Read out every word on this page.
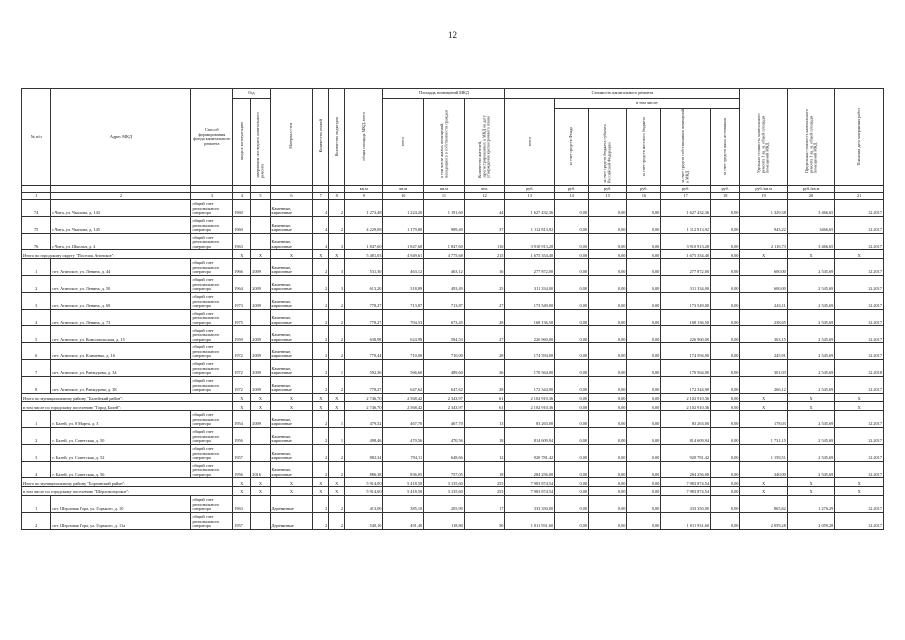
12
№ п/п	Адрес МКД	Способ формирования фонда капитального ремонта	Год		Материал стен	Количество этажей	Количество подъездов	общая площадь МКД, всего	Площадь помещений МКД			Стоимость капитального ремонта						Удельная стоимость капитального ремонта 1 кв. м. общей площади помещений МКД	Предельная стоимость капитального ремонта 1 кв. м. общей площади помещений МКД	Плановая дата завершения работ
			ввода в эксплуатацию	завершения последнего капитального ремонта					всего	в том числе жилых помещений, находящихся в собственности граждан	Количество жителей, зарегистрированных в МКД на дату утверждения краткосрочного плана	всего	в том числе:							
													за счет средств Фонда	за счет средств бюджета субъекта Российской Федерации	за счет средств местного бюджета	за счет средств собственников помещений в МКД	за счет средств иных источников			
								кв.м	кв.м	кв.м	чел.	руб.	руб.	руб.	руб.	руб.	руб.	руб./кв.м	руб./кв.м	
1	2	3	4	5	6	7	8	9	10	11	12	13	14	15	16	17	18	19	20	21
74	г.Чита, ул. Чкалова, д. 143	общий счет регионального оператора	1960		Каменные, кирпичные	4	2	1 273,48	1 224,20	1 191,60	44	1 627 432,36	0,00	0,00	0,00	1 627 432,36	0,00	1 329,38	3 466,65	12.2017
75	г.Чита, ул. Чкалова, д. 145	общий счет регионального оператора	1960		Каменные, кирпичные	4	2	4 229,08	1 179,80	989,40	37	1 112 813,92	0,00	0,00	0,00	1 112 813,92	0,00	943,22	3466,65	12.2017
76	г.Чита, ул. Школьн, д. 4	общий счет регионального оператора	1963		Каменные, кирпичные	4	3	1 847,60	1 847,60	1 847,60	116	3 910 913,28	0,00	0,00	0,00	3 910 913,28	0,00	2 116,73	3 466,65	12.2017
Итого по городскому округу "Поселок Агинское":			Х	Х	Х	Х	Х	5 481,03	4 949,61	4 775,68	215	1 675 354,40	0,00	0,00	0,00	1 675 354,40	0,00	Х	Х	Х
1	пгт. Агинское, ул. Ленина, д. 44	общий счет регионального оператора	1966	2009	Каменные, кирпичные	2	3	531,30	463,12	463,12	16	277 872,00	0,00	0,00	0,00	277 872,00	0,00	600,00	2 545,69	12.2017
2	пгт. Агинское, ул. Ленина, д. 50	общий счет регионального оператора	1964	2009	Каменные, кирпичные	2	3	613,20	518,89	493,49	25	311 334,00	0,00	0,00	0,00	311 334,00	0,00	600,00	2 545,69	12.2017
3	пгт. Агинское, ул. Ленина, д. 69	общий счет регионального оператора	1973	2009	Каменные, кирпичные	2	2	778,27	713,87	713,87	27	173 549,00	0,00	0,00	0,00	173 549,00	0,00	243,11	2 545,69	12.2017
4	пгт. Агинское, ул. Ленина, д. 73	общий счет регионального оператора	1975		Каменные, кирпичные	2	2	778,27	704,53	673,45	28	168 136,50	0,00	0,00	0,00	168 136,50	0,00	238,65	2 545,69	12.2017
5	пгт. Агинское, ул. Комсомольская, д. 15	общий счет регионального оператора	1959	2009	Каменные, кирпичные	2	2	638,98	624,98	584,53	27	226 960,00	0,00	0,00	0,00	226 960,00	0,00	363,15	2 545,69	12.2017
6	пгт. Агинское, ул. Клименко, д. 16	общий счет регионального оператора	1972	2009	Каменные, кирпичные	2	2	770,44	710,00	710,00	28	174 594,00	0,00	0,00	0,00	174 594,00	0,00	245,91	2 545,69	12.2017
7	пгт. Агинское, ул. Ранжурова, д. 34	общий счет регионального оператора	1972	2009	Каменные, кирпичные	2	1	592,30	566,60	489,60	36	170 564,00	0,00	0,00	0,00	170 564,00	0,00	301,03	2 545,69	12.2018
8	пгт. Агинское, ул. Ранжурова, д. 38	общий счет регионального оператора	1972	2009	Каменные, кирпичные	2	2	778,27	647,62	647,62	28	172 344,90	0,00	0,00	0,00	172 344,90	0,00	266,12	2 545,69	12.2017
Итого по муниципальному району "Балейский район":			Х	Х	Х	Х	Х	2 746,70	2 568,42	2 343,97	61	2 102 910,36	0,00	0,00	0,00	2 102 910,36	0,00	Х	Х	Х
в том числе по городскому поселению "Город Балей":			Х	Х	Х	Х	Х	2 746,70	2 568,42	2 343,97	61	2 102 910,36	0,00	0,00	0,00	2 102 910,36	0,00	Х	Х	Х
1	г. Балей, ул. 8 Марта, д. 3	общий счет регионального оператора	1954	2009	Каменные, кирпичные	2	1	479,52	467,70	467,70	13	83 263,00	0,00	0,00	0,00	83 263,00	0,00	178,03	2 545,69	12.2017
2	г. Балей, ул. Советская, д. 50	общий счет регионального оператора	1956		Каменные, кирпичные	2	1	498,46	470,56	470,56	18	814 609,94	0,00	0,00	0,00	814 609,94	0,00	1 731,15	2 545,69	12.2017
3	г. Балей, ул. Советская, д. 52	общий счет регионального оператора	1957		Каменные, кирпичные	2	2	882,34	794,11	648,66	12	920 781,42	0,00	0,00	0,00	920 781,42	0,00	1 159,51	2 545,69	12.2017
4	г. Балей, ул. Советская, д. 56	общий счет регионального оператора	1956	2016	Каменные, кирпичные	2	2	886,38	836,05	757,05	18	284 256,00	0,00	0,00	0,00	284 256,00	0,00	340,00	2 545,69	12.2017
Итого по муниципальному району "Борзинский район":			Х	Х	Х	Х	Х	5 914,00	5 418,50	3 135,60	255	7 983 874,54	0,00	0,00	0,00	7 983 874,54	0,00	Х	Х	Х
в том числе по городскому поселению "Шерловогорское":			Х	Х	Х	Х	Х	5 914,00	5 418,50	3 135,60	255	7 983 874,54	0,00	0,00	0,00	7 983 874,54	0,00	Х	Х	Х
1	пгт. Шерловая Гора, ул. Горького, д. 10	общий счет регионального оператора	1963		Деревянные	2	2	413,00	385,10	205,90	17	333 350,00	0,00	0,00	0,00	333 350,00	0,00	865,62	1 276,29	12.2017
2	пгт. Шерловая Гора, ул. Горького, д. 11а	общий счет регионального оператора	1957		Деревянные	2	2	540,10	491,40	118,80	30	1 011 931,60	0,00	0,00	0,00	1 011 931,60	0,00	2 059,28	2 059,28	12.2017
